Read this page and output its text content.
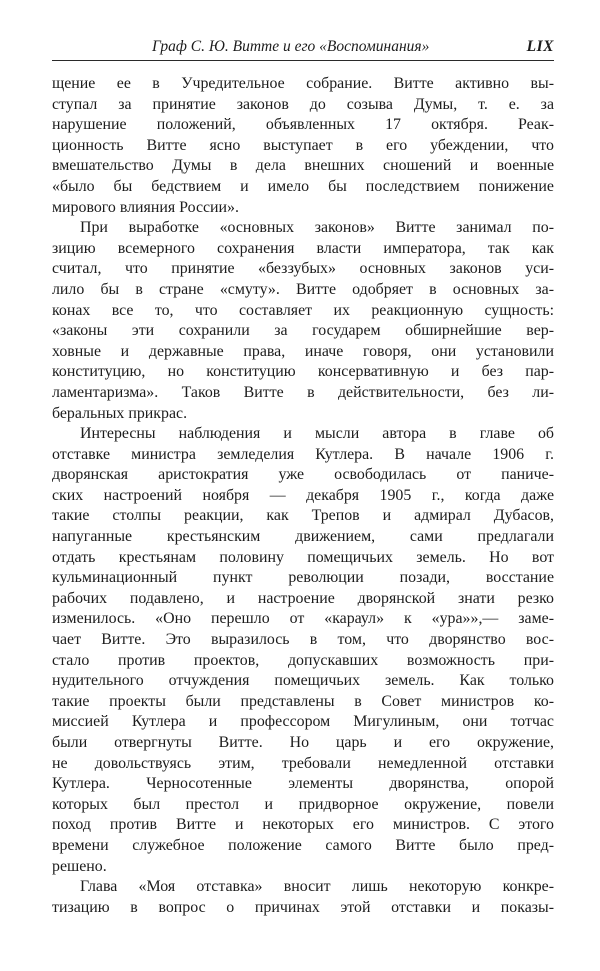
Граф С. Ю. Витте и его «Воспоминания»	LIX
щение ее в Учредительное собрание. Витте активно вы-
ступал за принятие законов до созыва Думы, т. е. за
нарушение положений, объявленных 17 октября. Реак-
ционность Витте ясно выступает в его убеждении, что
вмешательство Думы в дела внешних сношений и военные
«было бы бедствием и имело бы последствием понижение
мирового влияния России».
При выработке «основных законов» Витте занимал по-
зицию всемерного сохранения власти императора, так как
считал, что принятие «беззубых» основных законов уси-
лило бы в стране «смуту». Витте одобряет в основных за-
конах все то, что составляет их реакционную сущность:
«законы эти сохранили за государем обширнейшие вер-
ховные и державные права, иначе говоря, они установили
конституцию, но конституцию консервативную и без пар-
ламентаризма». Таков Витте в действительности, без ли-
беральных прикрас.
Интересны наблюдения и мысли автора в главе об
отставке министра земледелия Кутлера. В начале 1906 г.
дворянская аристократия уже освободилась от паниче-
ских настроений ноября — декабря 1905 г., когда даже
такие столпы реакции, как Трепов и адмирал Дубасов,
напуганные крестьянским движением, сами предлагали
отдать крестьянам половину помещичьих земель. Но вот
кульминационный пункт революции позади, восстание
рабочих подавлено, и настроение дворянской знати резко
изменилось. «Оно перешло от «караул» к «ура»»,— заме-
чает Витте. Это выразилось в том, что дворянство вос-
стало против проектов, допускавших возможность при-
нудительного отчуждения помещичьих земель. Как только
такие проекты были представлены в Совет министров ко-
миссией Кутлера и профессором Мигулиным, они тотчас
были отвергнуты Витте. Но царь и его окружение,
не довольствуясь этим, требовали немедленной отставки
Кутлера. Черносотенные элементы дворянства, опорой
которых был престол и придворное окружение, повели
поход против Витте и некоторых его министров. С этого
времени служебное положение самого Витте было пред-
решено.
Глава «Моя отставка» вносит лишь некоторую конкре-
тизацию в вопрос о причинах этой отставки и показы-
